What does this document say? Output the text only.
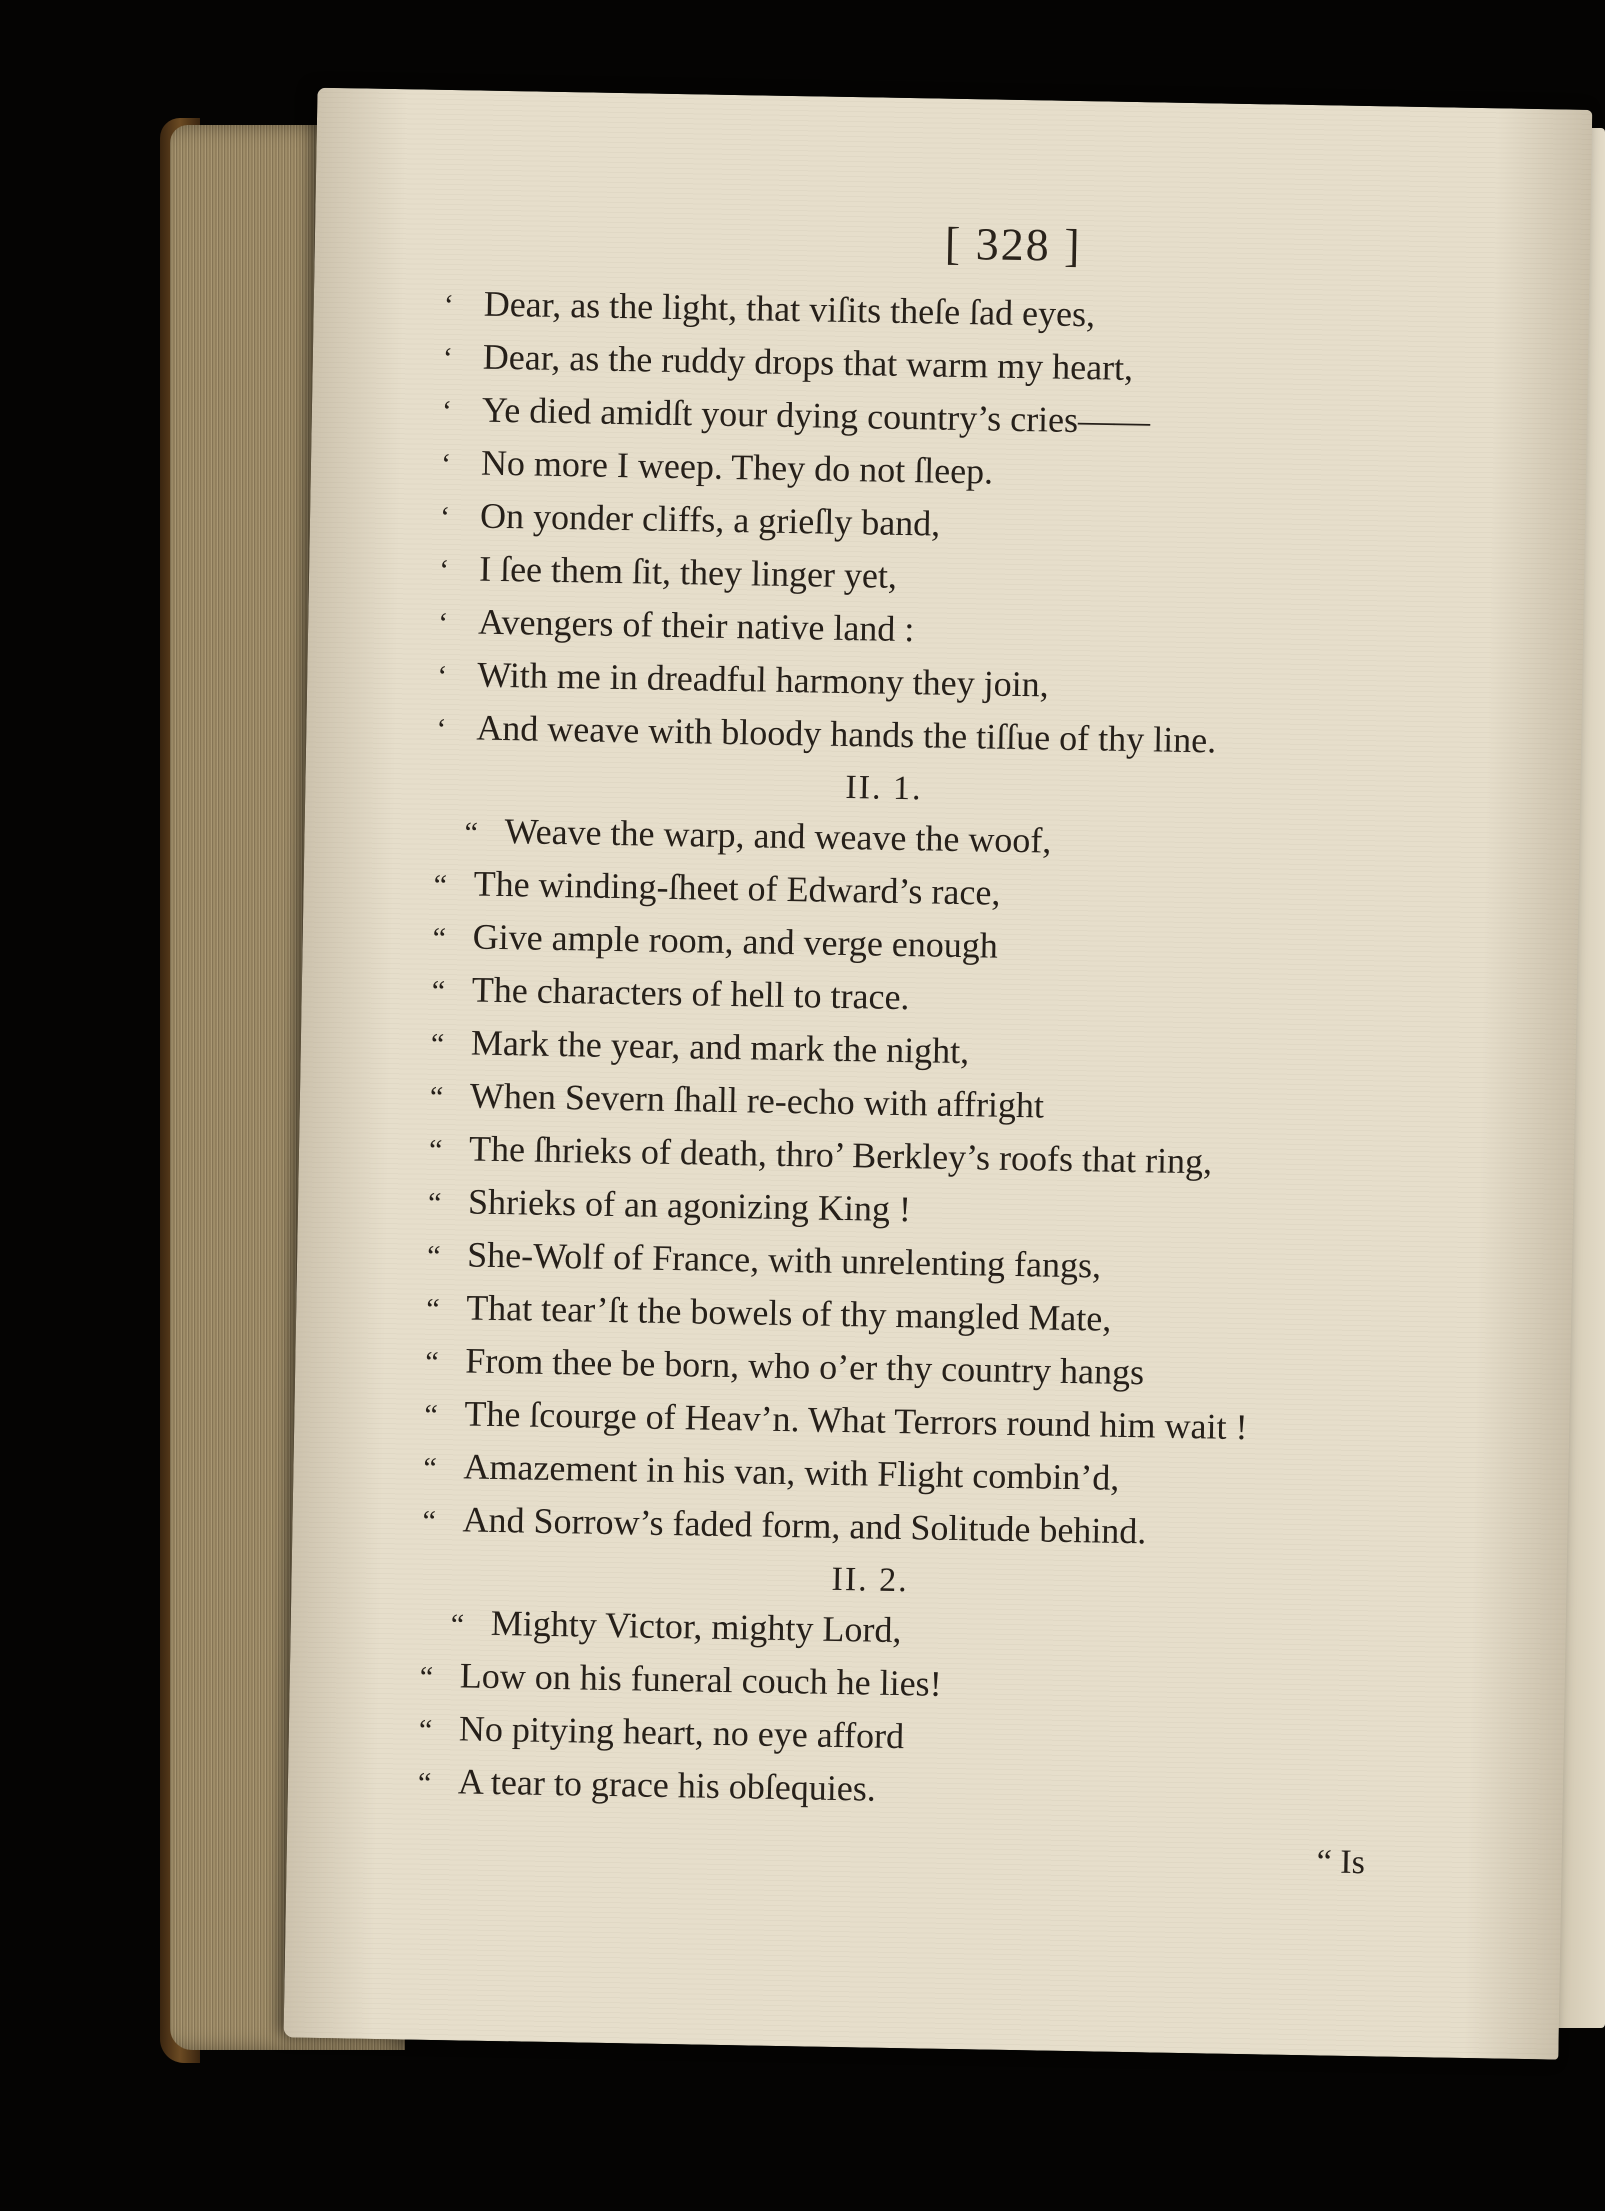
[ 328 ]
‘ Dear, as the light, that viſits theſe ſad eyes,
‘ Dear, as the ruddy drops that warm my heart,
‘ Ye died amidſt your dying country’s cries——
‘ No more I weep. They do not ſleep.
‘ On yonder cliffs, a grieſly band,
‘ I ſee them ſit, they linger yet,
‘ Avengers of their native land :
‘ With me in dreadful harmony they join,
‘ And weave with bloody hands the tiſſue of thy line.
II. 1.
“ Weave the warp, and weave the woof,
“ The winding-ſheet of Edward’s race,
“ Give ample room, and verge enough
“ The characters of hell to trace.
“ Mark the year, and mark the night,
“ When Severn ſhall re-echo with affright
“ The ſhrieks of death, thro’ Berkley’s roofs that ring,
“ Shrieks of an agonizing King !
“ She-Wolf of France, with unrelenting fangs,
“ That tear’ſt the bowels of thy mangled Mate,
“ From thee be born, who o’er thy country hangs
“ The ſcourge of Heav’n. What Terrors round him wait !
“ Amazement in his van, with Flight combin’d,
“ And Sorrow’s faded form, and Solitude behind.
II. 2.
“ Mighty Victor, mighty Lord,
“ Low on his funeral couch he lies!
“ No pitying heart, no eye afford
“ A tear to grace his obſequies.
“ Is
